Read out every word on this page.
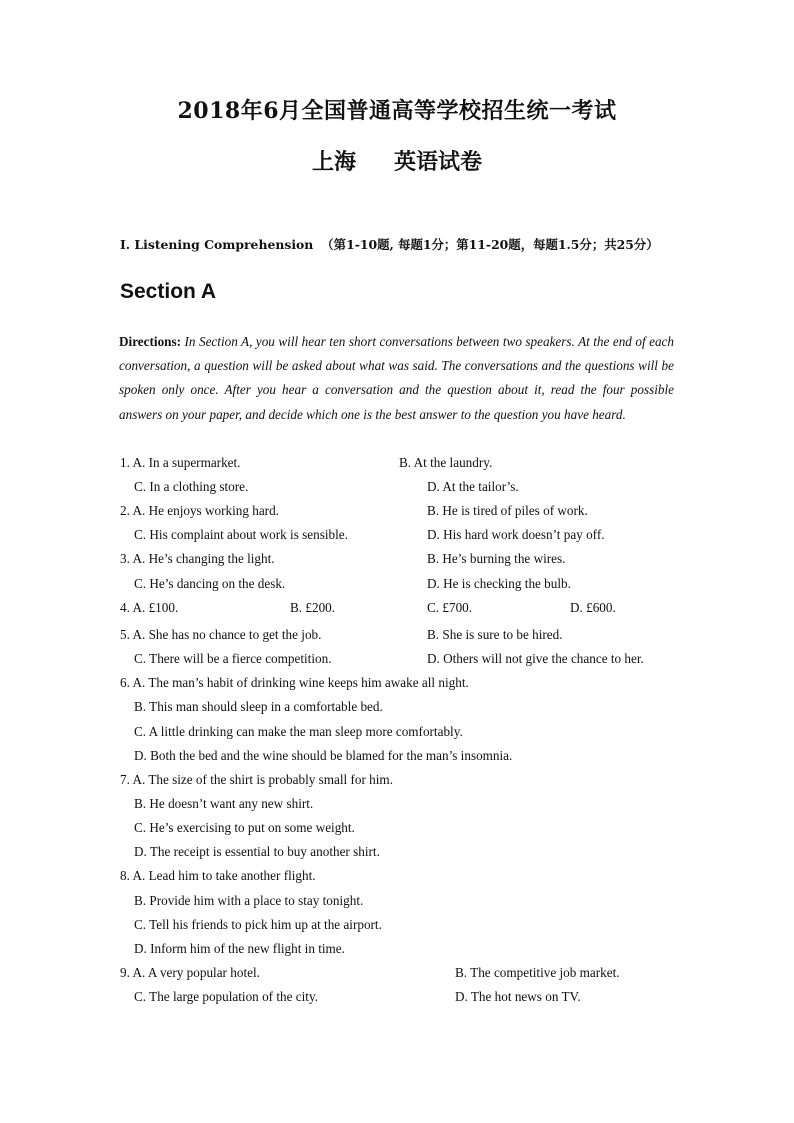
2018年6月全国普通高等学校招生统一考试
上海 英语试卷
I. Listening Comprehension （第1-10题, 每题1分；第11-20题，每题1.5分；共25分）
Section A
Directions: In Section A, you will hear ten short conversations between two speakers. At the end of each conversation, a question will be asked about what was said. The conversations and the questions will be spoken only once. After you hear a conversation and the question about it, read the four possible answers on your paper, and decide which one is the best answer to the question you have heard.
1. A. In a supermarket.	B. At the laundry.
C. In a clothing store.	D. At the tailor’s.
2. A. He enjoys working hard.	B. He is tired of piles of work.
C. His complaint about work is sensible.	D. His hard work doesn’t pay off.
3. A. He’s changing the light.	B. He’s burning the wires.
C. He’s dancing on the desk.	D. He is checking the bulb.
4. A. £100.	B. £200.	C. £700.	D. £600.
5. A. She has no chance to get the job.	B. She is sure to be hired.
C. There will be a fierce competition.	D. Others will not give the chance to her.
6. A. The man’s habit of drinking wine keeps him awake all night.
B. This man should sleep in a comfortable bed.
C. A little drinking can make the man sleep more comfortably.
D. Both the bed and the wine should be blamed for the man’s insomnia.
7. A. The size of the shirt is probably small for him.
B. He doesn’t want any new shirt.
C. He’s exercising to put on some weight.
D. The receipt is essential to buy another shirt.
8. A. Lead him to take another flight.
B. Provide him with a place to stay tonight.
C. Tell his friends to pick him up at the airport.
D. Inform him of the new flight in time.
9. A. A very popular hotel.	B. The competitive job market.
C. The large population of the city.	D. The hot news on TV.
